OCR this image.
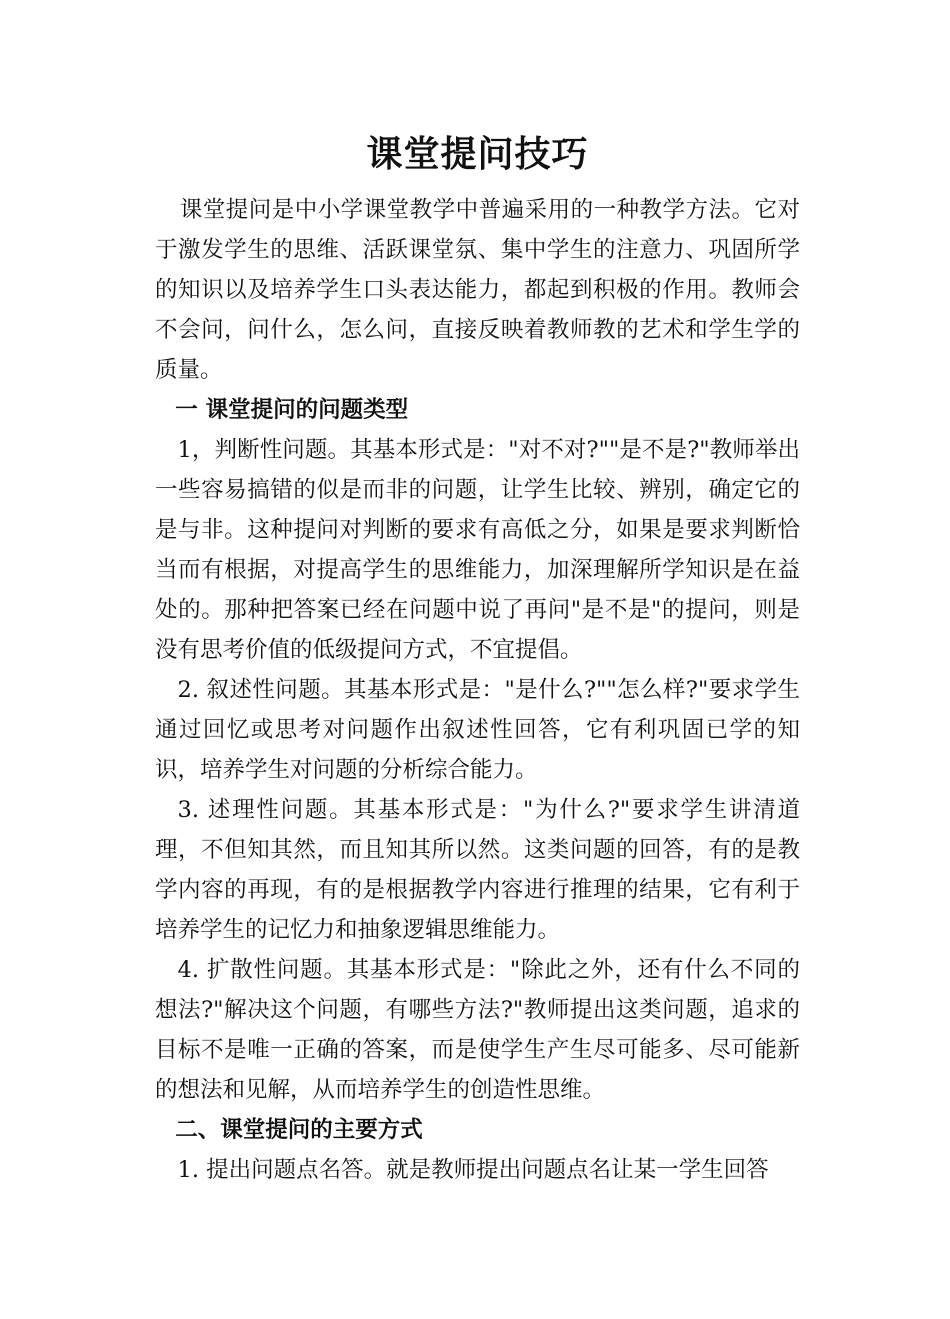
课堂提问技巧

课堂提问是中小学课堂教学中普遍采用的一种教学方法。它对于激发学生的思维、活跃课堂氛、集中学生的注意力、巩固所学的知识以及培养学生口头表达能力，都起到积极的作用。教师会不会问，问什么，怎么问，直接反映着教师教的艺术和学生学的质量。

一 课堂提问的问题类型

1，判断性问题。其基本形式是："对不对?""是不是?"教师举出一些容易搞错的似是而非的问题，让学生比较、辨别，确定它的是与非。这种提问对判断的要求有高低之分，如果是要求判断恰当而有根据，对提高学生的思维能力，加深理解所学知识是在益处的。那种把答案已经在问题中说了再问"是不是"的提问，则是没有思考价值的低级提问方式，不宜提倡。

2. 叙述性问题。其基本形式是："是什么?""怎么样?"要求学生通过回忆或思考对问题作出叙述性回答，它有利巩固已学的知识，培养学生对问题的分析综合能力。

3. 述理性问题。其基本形式是："为什么?"要求学生讲清道理，不但知其然，而且知其所以然。这类问题的回答，有的是教学内容的再现，有的是根据教学内容进行推理的结果，它有利于培养学生的记忆力和抽象逻辑思维能力。

4. 扩散性问题。其基本形式是："除此之外，还有什么不同的想法?"解决这个问题，有哪些方法?"教师提出这类问题，追求的目标不是唯一正确的答案，而是使学生产生尽可能多、尽可能新的想法和见解，从而培养学生的创造性思维。

二、课堂提问的主要方式

1. 提出问题点名答。就是教师提出问题点名让某一学生回答
